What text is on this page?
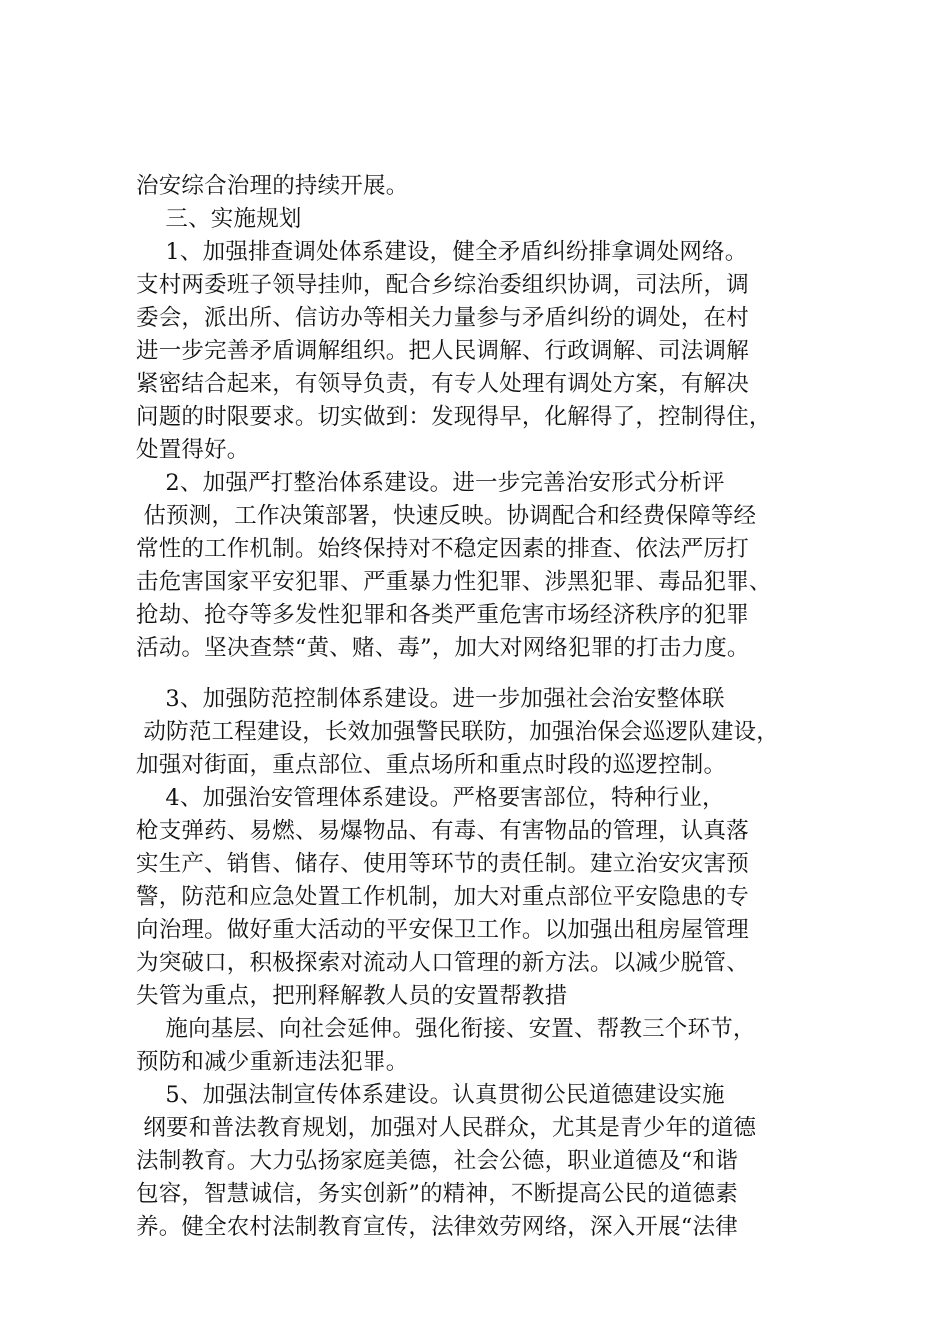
治安综合治理的持续开展。
三、实施规划
1、加强排查调处体系建设，健全矛盾纠纷排拿调处网络。
支村两委班子领导挂帅，配合乡综治委组织协调，司法所，调
委会，派出所、信访办等相关力量参与矛盾纠纷的调处，在村
进一步完善矛盾调解组织。把人民调解、行政调解、司法调解
紧密结合起来，有领导负责，有专人处理有调处方案，有解决
问题的时限要求。切实做到：发现得早，化解得了，控制得住，
处置得好。
2、加强严打整治体系建设。进一步完善治安形式分析评
估预测，工作决策部署，快速反映。协调配合和经费保障等经
常性的工作机制。始终保持对不稳定因素的排查、依法严厉打
击危害国家平安犯罪、严重暴力性犯罪、涉黑犯罪、毒品犯罪、
抢劫、抢夺等多发性犯罪和各类严重危害市场经济秩序的犯罪
活动。坚决查禁“黄、赌、毒”，加大对网络犯罪的打击力度。
3、加强防范控制体系建设。进一步加强社会治安整体联
动防范工程建设，长效加强警民联防，加强治保会巡逻队建设，
加强对街面，重点部位、重点场所和重点时段的巡逻控制。
4、加强治安管理体系建设。严格要害部位，特种行业，
枪支弹药、易燃、易爆物品、有毒、有害物品的管理，认真落
实生产、销售、储存、使用等环节的责任制。建立治安灾害预
警，防范和应急处置工作机制，加大对重点部位平安隐患的专
向治理。做好重大活动的平安保卫工作。以加强出租房屋管理
为突破口，积极探索对流动人口管理的新方法。以减少脱管、
失管为重点，把刑释解教人员的安置帮教措
施向基层、向社会延伸。强化衔接、安置、帮教三个环节，
预防和减少重新违法犯罪。
5、加强法制宣传体系建设。认真贯彻公民道德建设实施
纲要和普法教育规划，加强对人民群众，尤其是青少年的道德
法制教育。大力弘扬家庭美德，社会公德，职业道德及“和谐
包容，智慧诚信，务实创新”的精神，不断提高公民的道德素
养。健全农村法制教育宣传，法律效劳网络，深入开展“法律
